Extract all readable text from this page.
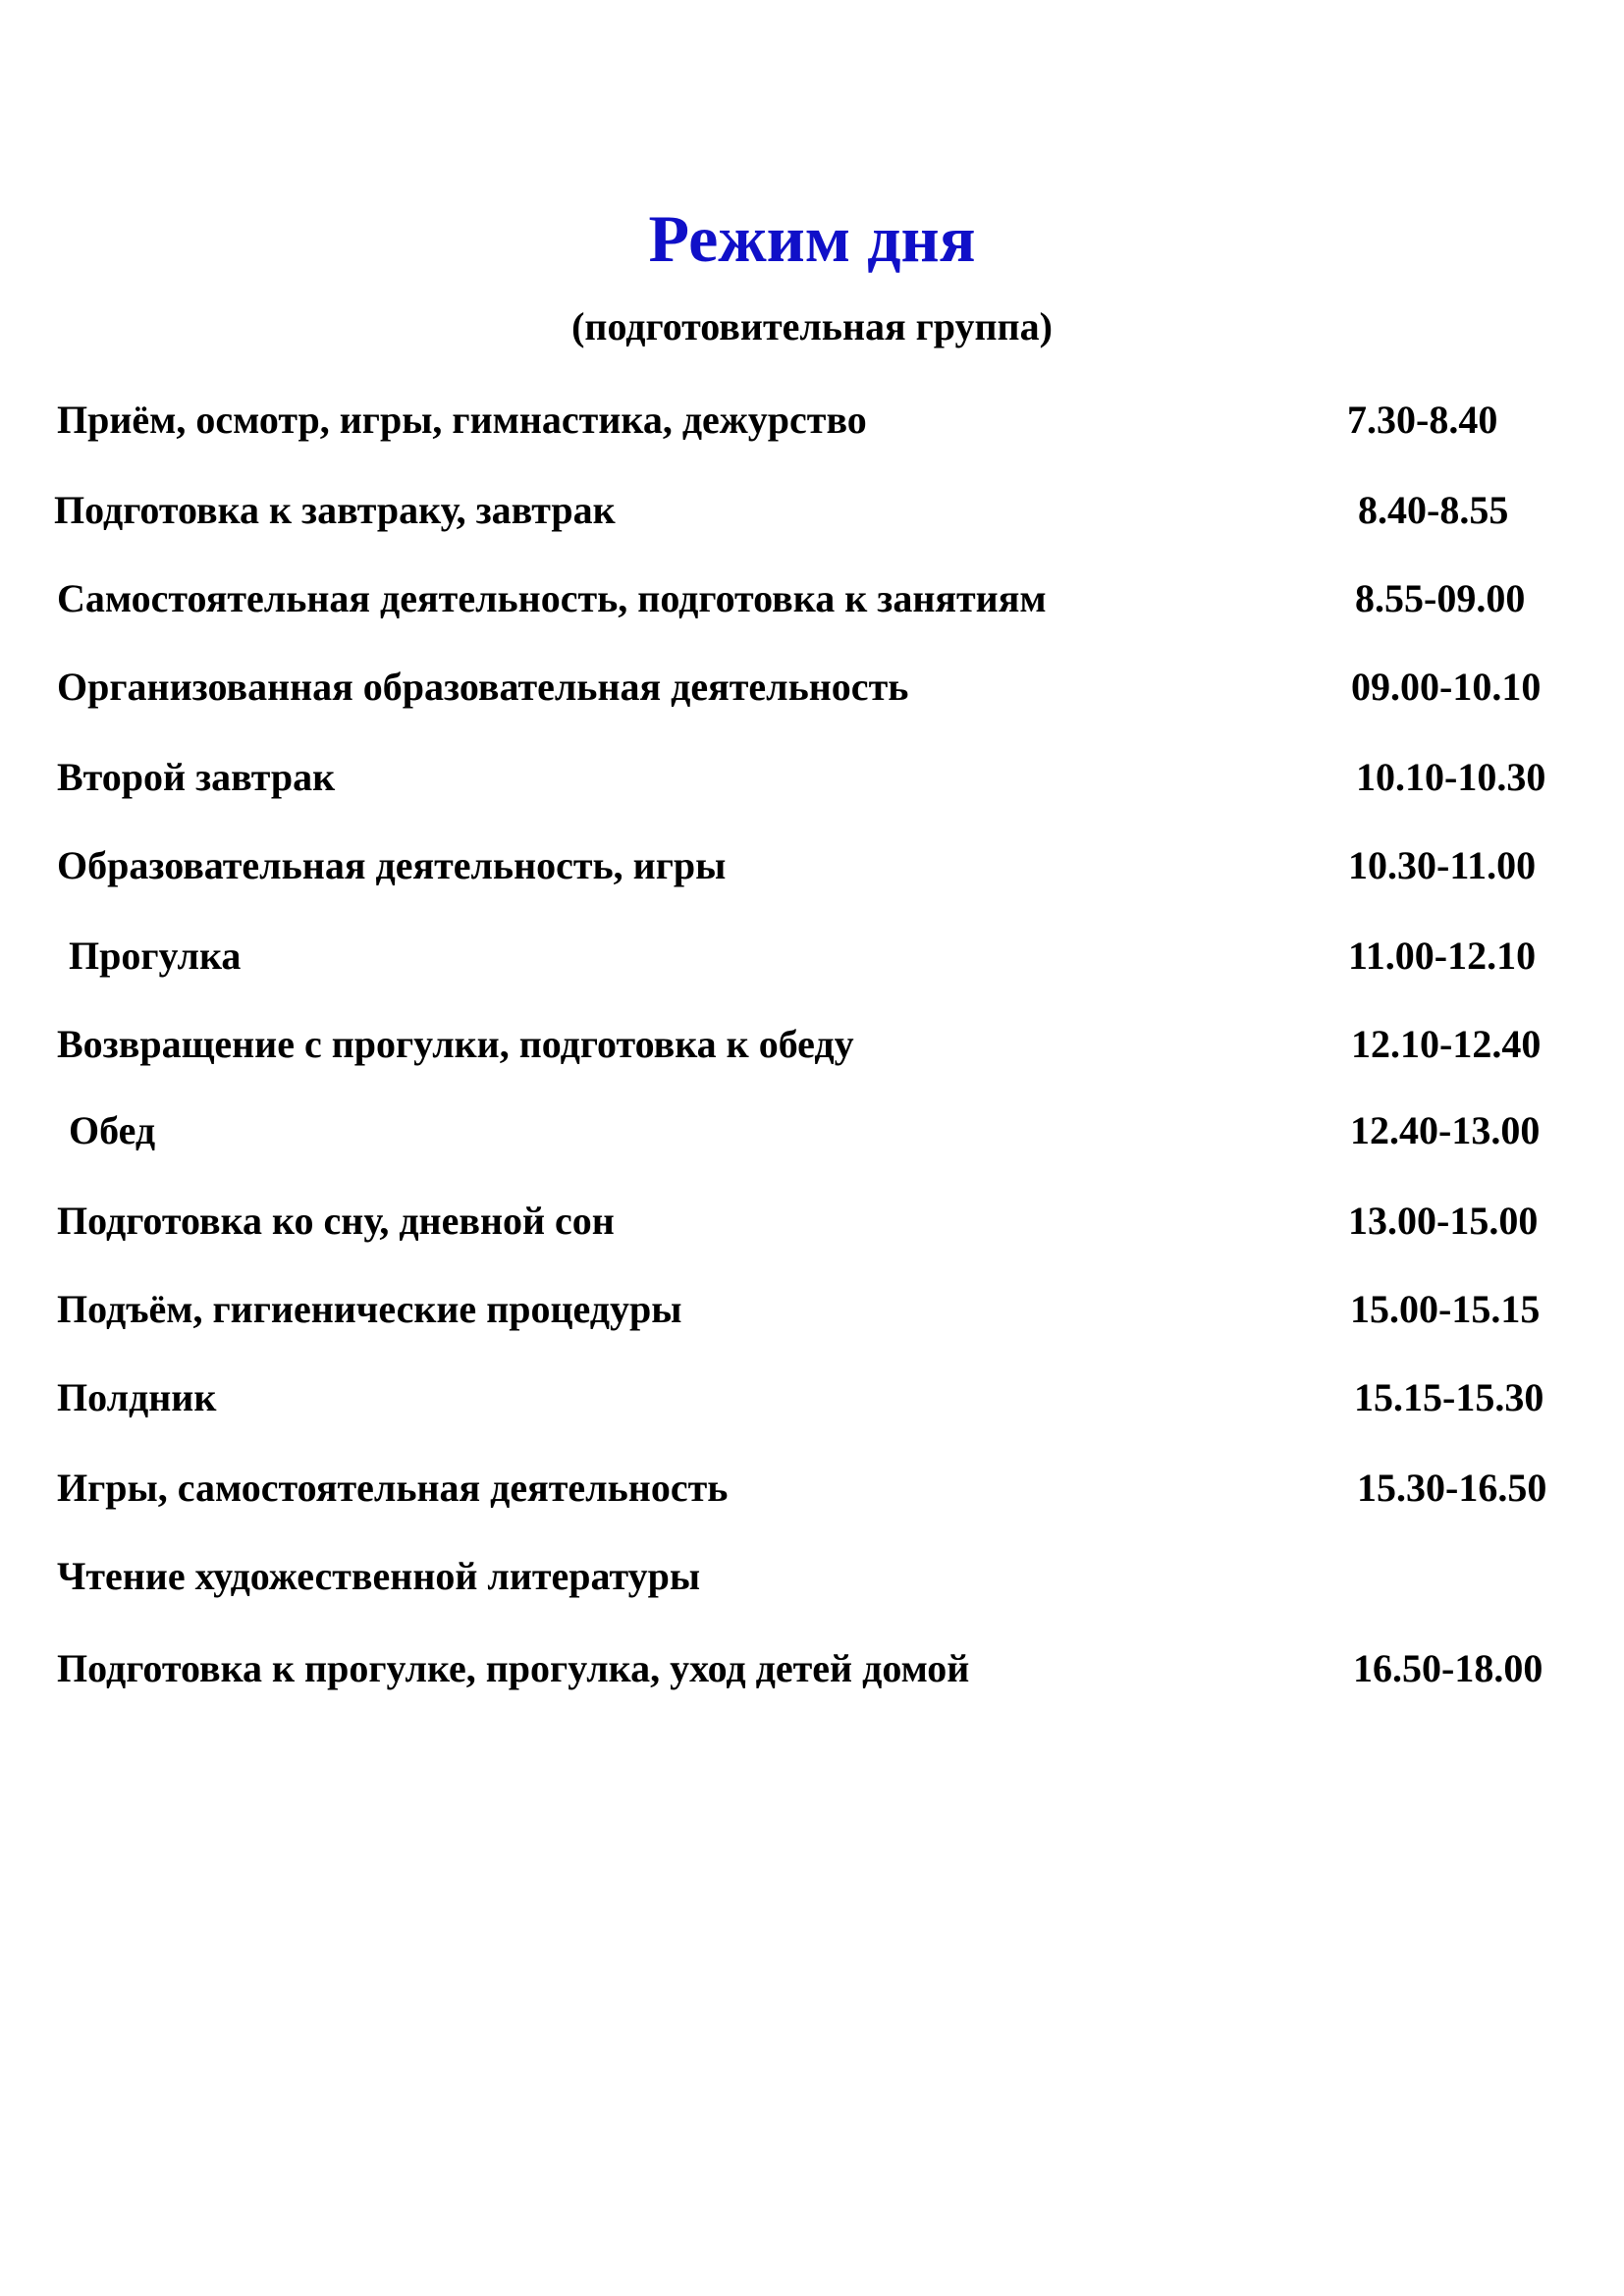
Режим дня
(подготовительная группа)
Приём, осмотр, игры, гимнастика, дежурство	7.30-8.40
Подготовка к завтраку, завтрак	8.40-8.55
Самостоятельная деятельность, подготовка к занятиям	8.55-09.00
Организованная образовательная деятельность	09.00-10.10
Второй завтрак	10.10-10.30
Образовательная деятельность, игры	10.30-11.00
Прогулка	11.00-12.10
Возвращение с прогулки, подготовка к обеду	12.10-12.40
Обед	12.40-13.00
Подготовка ко сну, дневной сон	13.00-15.00
Подъём, гигиенические процедуры	15.00-15.15
Полдник	15.15-15.30
Игры, самостоятельная деятельность	15.30-16.50
Чтение художественной литературы
Подготовка к прогулке, прогулка, уход детей домой	16.50-18.00
